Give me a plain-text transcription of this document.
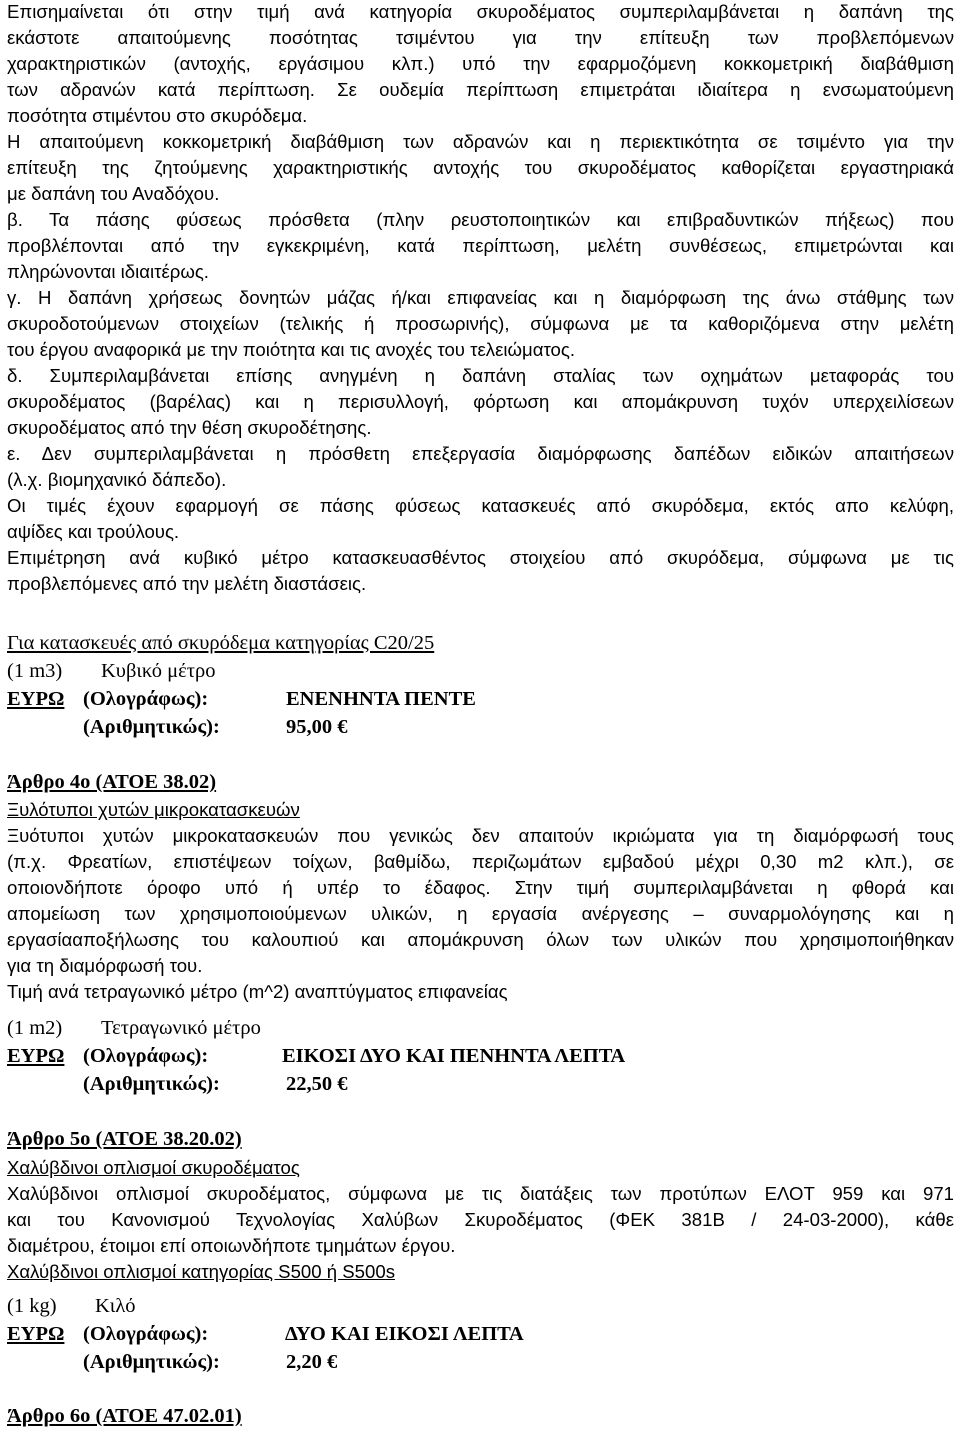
Επισημαίνεται ότι στην τιμή ανά κατηγορία σκυροδέματος συμπεριλαμβάνεται η δαπάνη της
εκάστοτε απαιτούμενης ποσότητας τσιμέντου για την επίτευξη των προβλεπόμενων
χαρακτηριστικών (αντοχής, εργάσιμου κλπ.) υπό την εφαρμοζόμενη κοκκομετρική διαβάθμιση
των αδρανών κατά περίπτωση. Σε ουδεμία περίπτωση επιμετράται ιδιαίτερα η ενσωματούμενη
ποσότητα στιμέντου στο σκυρόδεμα.
Η απαιτούμενη κοκκομετρική διαβάθμιση των αδρανών και η περιεκτικότητα σε τσιμέντο για την
επίτευξη της ζητούμενης χαρακτηριστικής αντοχής του σκυροδέματος καθορίζεται εργαστηριακά
με δαπάνη του Αναδόχου.
β. Τα πάσης φύσεως πρόσθετα (πλην ρευστοποιητικών και επιβραδυντικών πήξεως) που
προβλέπονται από την εγκεκριμένη, κατά περίπτωση, μελέτη συνθέσεως, επιμετρώνται και
πληρώνονται ιδιαιτέρως.
γ. Η δαπάνη χρήσεως δονητών μάζας ή/και επιφανείας και η διαμόρφωση της άνω στάθμης των
σκυροδοτούμενων στοιχείων (τελικής ή προσωρινής), σύμφωνα με τα καθοριζόμενα στην μελέτη
του έργου αναφορικά με την ποιότητα και τις ανοχές του τελειώματος.
δ. Συμπεριλαμβάνεται επίσης ανηγμένη η δαπάνη σταλίας των οχημάτων μεταφοράς του
σκυροδέματος (βαρέλας) και η περισυλλογή, φόρτωση και απομάκρυνση τυχόν υπερχειλίσεων
σκυροδέματος από την θέση σκυροδέτησης.
ε. Δεν συμπεριλαμβάνεται η πρόσθετη επεξεργασία διαμόρφωσης δαπέδων ειδικών απαιτήσεων
(λ.χ. βιομηχανικό δάπεδο).
Οι τιμές έχουν εφαρμογή σε πάσης φύσεως κατασκευές από σκυρόδεμα, εκτός απο κελύφη,
αψίδες και τρούλους.
Επιμέτρηση ανά κυβικό μέτρο κατασκευασθέντος στοιχείου από σκυρόδεμα, σύμφωνα με τις
προβλεπόμενες από την μελέτη διαστάσεις.
Για κατασκευές από σκυρόδεμα κατηγορίας C20/25
(1 m3) Κυβικό μέτρο
ΕΥΡΩ (Ολογράφως):	ΕΝΕΝΗΝΤΑ ΠΕΝΤΕ
(Αριθμητικώς):	95,00 €
Άρθρο 4ο (ΑΤΟΕ 38.02)
Ξυλότυποι χυτών μικροκατασκευών
Ξυότυποι χυτών μικροκατασκευών που γενικώς δεν απαιτούν ικριώματα για τη διαμόρφωσή τους
(π.χ. Φρεατίων, επιστέψεων τοίχων, βαθμίδω, περιζωμάτων εμβαδού μέχρι 0,30 m2 κλπ.), σε
οποιονδήποτε όροφο υπό ή υπέρ το έδαφος. Στην τιμή συμπεριλαμβάνεται η φθορά και
απομείωση των χρησιμοποιούμενων υλικών, η εργασία ανέργεσης – συναρμολόγησης και η
εργασίααποξήλωσης του καλουπιού και απομάκρυνση όλων των υλικών που χρησιμοποιήθηκαν
για τη διαμόρφωσή του.
Τιμή ανά τετραγωνικό μέτρο (m^2) αναπτύγματος επιφανείας
(1 m2) Τετραγωνικό μέτρο
ΕΥΡΩ (Ολογράφως):	ΕΙΚΟΣΙ ΔΥΟ ΚΑΙ ΠΕΝΗΝΤΑ ΛΕΠΤΑ
(Αριθμητικώς):	22,50 €
Άρθρο 5ο (ΑΤΟΕ 38.20.02)
Χαλύβδινοι οπλισμοί σκυροδέματος
Χαλύβδινοι οπλισμοί σκυροδέματος, σύμφωνα με τις διατάξεις των προτύπων ΕΛΟΤ 959 και 971
και του Κανονισμού Τεχνολογίας Χαλύβων Σκυροδέματος (ΦΕΚ 381Β / 24-03-2000), κάθε
διαμέτρου, έτοιμοι επί οποιωνδήποτε τμημάτων έργου.
Χαλύβδινοι οπλισμοί κατηγορίας S500 ή S500s
(1 kg) Κιλό
ΕΥΡΩ (Ολογράφως):	ΔΥΟ ΚΑΙ ΕΙΚΟΣΙ ΛΕΠΤΑ
(Αριθμητικώς):	2,20 €
Άρθρο 6ο (ΑΤΟΕ 47.02.01)
